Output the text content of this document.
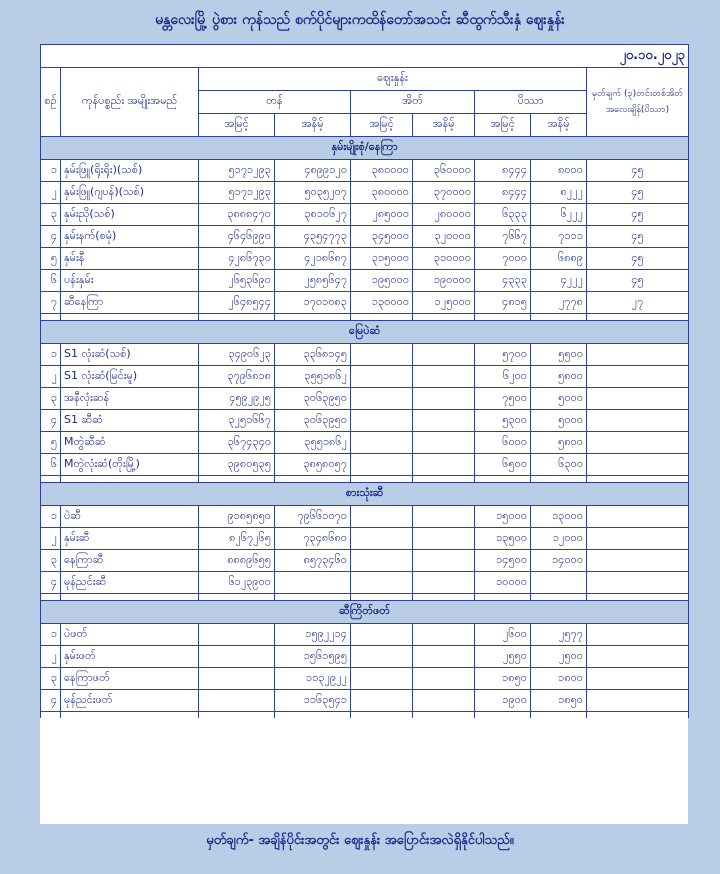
မန္တလေးမြို့ ပွဲစား ကုန်သည် စက်ပိုင်များကထိန်တော်အသင်း ဆီထွက်သီးနှံ ဈေးနှုန်း
၂၀.၁၀.၂၀၂၃								
စဉ်	ကုန်ပစ္စည်း အမျိုးအမည်	ဈေးနှုန်း						မှတ်ချက် (၃)တင်းတစ်အိတ် အလေးချိန်(ပိဿာ)
		တန်		အိတ်		ပိဿာ		
		အမြင့်	အနိမ့်	အမြင့်	အနိမ့်	အမြင့်	အနိမ့်	
နှမ်းမျိုးစုံ/နေကြာ								
၁	နှမ်းဖြူ(ရိုးရိုး)(သစ်)	၅၁၇၁၂၉၃	၄၈၉၉၁၂၀	၃၈၀၀၀၀	၃၆၀၀၀၀	၈၄၄၄	၈၀၀၀	၄၅
၂	နှမ်းဖြူ(ဂျပန်)(သစ်)	၅၁၇၁၂၉၃	၅၀၃၅၂၀၇	၃၈၀၀၀၀	၃၇၀၀၀၀	၈၄၄၄	၈၂၂၂	၄၅
၃	နှမ်းညို(သစ်)	၃၈၈၈၄၇၀	၃၈၁၀၆၂၇	၂၈၅၀၀၀	၂၈၀၀၀၀	၆၃၃၃	၆၂၂၂	၄၅
၄	နှမ်းနက်(စမုံ)	၄၆၄၆၉၉၀	၄၃၅၄၇၇၃	၃၄၅၀၀၀	၃၂၀၀၀၀	၇၆၆၇	၇၁၁၁	၄၅
၅	နှမ်းနီ	၄၂၈၆၇၃၀	၄၂၁၈၆၈၇	၃၁၅၀၀၀	၃၁၀၀၀၀	၇၀၀၀	၆၈၈၉	၄၅
၆	ပန်းနှမ်း	၂၆၅၃၆၉၀	၂၅၈၅၆၄၇	၁၉၅၀၀၀	၁၉၀၀၀၀	၄၃၃၃	၄၂၂၂	၄၅
၇	ဆီနေကြာ	၂၆၄၈၅၄၄	၁၇၀၁၀၈၃	၁၃၀၀၀၀	၁၂၅၀၀၀	၄၈၁၅	၂၇၇၈	၂၇

မြေပဲဆံ								
၁	S1 လုံးဆံ(သစ်)	၃၄၉၀၆၂၃	၃၃၆၈၁၄၅			၅၇၀၀	၅၅၀၀	
၂	S1 လုံးဆံ(မြင်းမူ)	၃၇၉၆၈၁၈	၃၅၅၁၈၆၂			၆၂၀၀	၅၈၀၀	
၃	အနီလုံးဆန်	၄၅၉၂၉၂၅	၃၀၆၃၉၅၀			၇၅၀၀	၅၀၀၀	
၄	S1 ဆီဆံ	၃၂၅၁၆၆၇	၃၀၆၃၉၅၀			၅၃၀၀	၅၀၀၀	
၅	Mတွဲဆီဆံ	၃၆၇၄၃၄၀	၃၅၅၁၈၆၂			၆၀၀၀	၅၈၀၀	
၆	Mတွဲလုံးဆံ(တိုးမြို့)	၃၉၈၀၅၃၅	၃၈၅၈၀၅၇			၆၅၀၀	၆၃၀၀	

စားသုံးဆီ								
၁	ပဲဆီ	၉၁၈၅၈၅၀	၇၉၆၆၁၀၇၀			၁၅၀၀၀	၁၃၀၀၀	
၂	နှမ်းဆီ	၈၂၆၇၂၆၅	၇၃၄၈၆၈၀			၁၃၅၀၀	၁၂၀၀၀	
၃	နေကြာဆီ	၈၈၈၉၆၅၅	၈၅၇၃၄၆၀			၁၄၅၀၀	၁၄၀၀၀	
၄	မုန်ညင်းဆီ	၆၁၂၃၉၀၀				၁၀၀၀၀		

ဆီကြိတ်ဖတ်								
၁	ပဲဖတ်		၁၅၉၂၂၁၄			၂၆၀၀	၂၅၇၇	
၂	နှမ်းဖတ်		၁၅၆၁၅၉၅			၂၅၅၀	၂၅၀၀	
၃	နေကြာဖတ်		၁၁၃၂၉၂၂			၁၈၅၀	၁၈၀၀	
၄	မုန်ညင်းဖတ်		၁၁၆၃၅၄၁			၁၉၀၀	၁၈၅၀	

မှတ်ချက်- အချိန်ပိုင်းအတွင်း ဈေးနှုန်း အပြောင်းအလဲရှိနိုင်ပါသည်။
